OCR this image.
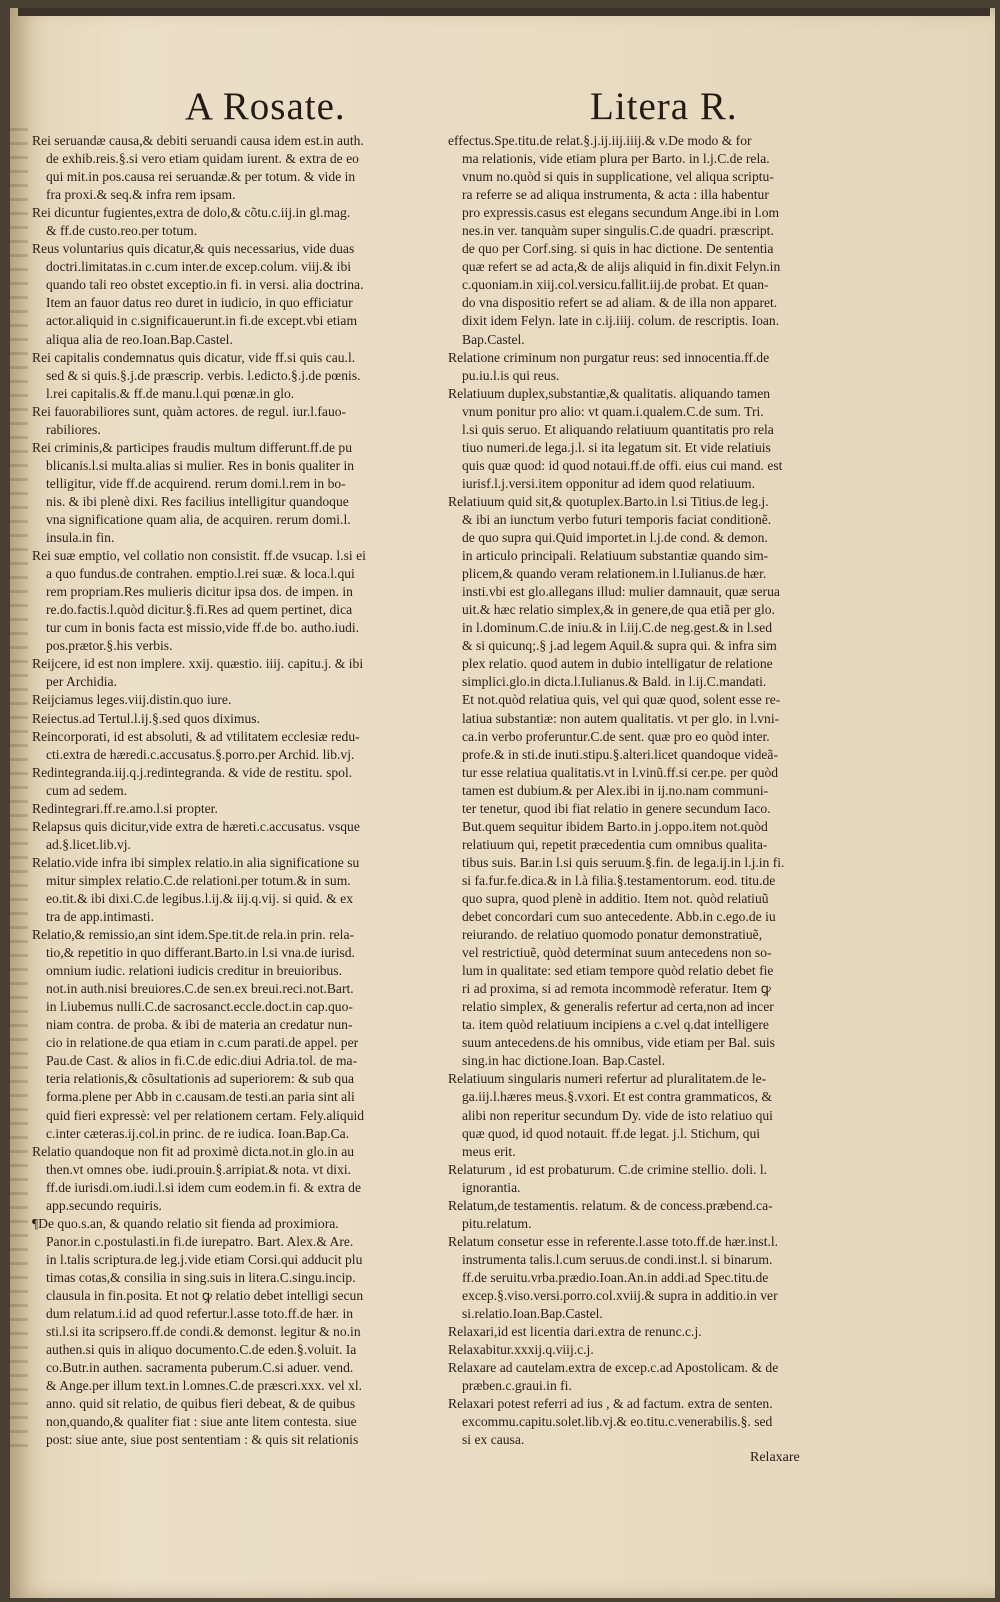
A Rosate.	Litera R.
Rei seruandæ causa,& debiti seruandi causa idem est.in auth.
de exhib.reis.§.si vero etiam quidam iurent. & extra de eo
qui mit.in pos.causa rei seruandæ.& per totum. & vide in
fra proxi.& seq.& infra rem ipsam.
Rei dicuntur fugientes,extra de dolo,& cõtu.c.iij.in gl.mag.
& ff.de custo.reo.per totum.
Reus voluntarius quis dicatur,& quis necessarius, vide duas
doctri.limitatas.in c.cum inter.de excep.colum. viij.& ibi
quando tali reo obstet exceptio.in fi. in versi. alia doctrina.
Item an fauor datus reo duret in iudicio, in quo efficiatur
actor.aliquid in c.significauerunt.in fi.de except.vbi etiam
aliqua alia de reo.Ioan.Bap.Castel.
Rei capitalis condemnatus quis dicatur, vide ff.si quis cau.l.
sed & si quis.§.j.de præscrip. verbis. l.edicto.§.j.de pœnis.
l.rei capitalis.& ff.de manu.l.qui pœnæ.in glo.
Rei fauorabiliores sunt, quàm actores. de regul. iur.l.fauo-
rabiliores.
Rei criminis,& participes fraudis multum differunt.ff.de pu
blicanis.l.si multa.alias si mulier. Res in bonis qualiter in
telligitur, vide ff.de acquirend. rerum domi.l.rem in bo-
nis. & ibi plenè dixi. Res facilius intelligitur quandoque
vna significatione quam alia, de acquiren. rerum domi.l.
insula.in fin.
Rei suæ emptio, vel collatio non consistit. ff.de vsucap. l.si ei
a quo fundus.de contrahen. emptio.l.rei suæ. & loca.l.qui
rem propriam.Res mulieris dicitur ipsa dos. de impen. in
re.do.factis.l.quòd dicitur.§.fi.Res ad quem pertinet, dica
tur cum in bonis facta est missio,vide ff.de bo. autho.iudi.
pos.prætor.§.his verbis.
Reijcere, id est non implere. xxij. quæstio. iiij. capitu.j. & ibi
per Archidia.
Reijciamus leges.viij.distin.quo iure.
Reiectus.ad Tertul.l.ij.§.sed quos diximus.
Reincorporati, id est absoluti, & ad vtilitatem ecclesiæ redu-
cti.extra de hæredi.c.accusatus.§.porro.per Archid. lib.vj.
Redintegranda.iij.q.j.redintegranda. & vide de restitu. spol.
cum ad sedem.
Redintegrari.ff.re.amo.l.si propter.
Relapsus quis dicitur,vide extra de hæreti.c.accusatus. vsque
ad.§.licet.lib.vj.
Relatio.vide infra ibi simplex relatio.in alia significatione su
mitur simplex relatio.C.de relationi.per totum.& in sum.
eo.tit.& ibi dixi.C.de legibus.l.ij.& iij.q.vij. si quid. & ex
tra de app.intimasti.
Relatio,& remissio,an sint idem.Spe.tit.de rela.in prin. rela-
tio,& repetitio in quo differant.Barto.in l.si vna.de iurisd.
omnium iudic. relationi iudicis creditur in breuioribus.
not.in auth.nisi breuiores.C.de sen.ex breui.reci.not.Bart.
in l.iubemus nulli.C.de sacrosanct.eccle.doct.in cap.quo-
niam contra. de proba. & ibi de materia an credatur nun-
cio in relatione.de qua etiam in c.cum parati.de appel. per
Pau.de Cast. & alios in fi.C.de edic.diui Adria.tol. de ma-
teria relationis,& cõsultationis ad superiorem: & sub qua
forma.plene per Abb in c.causam.de testi.an paria sint ali
quid fieri expressè: vel per relationem certam. Fely.aliquid
c.inter cæteras.ij.col.in princ. de re iudica. Ioan.Bap.Ca.
Relatio quandoque non fit ad proximè dicta.not.in glo.in au
then.vt omnes obe. iudi.prouin.§.arripiat.& nota. vt dixi.
ff.de iurisdi.om.iudi.l.si idem cum eodem.in fi. & extra de
app.secundo requiris.
¶De quo.s.an, & quando relatio sit fienda ad proximiora.
Panor.in c.postulasti.in fi.de iurepatro. Bart. Alex.& Are.
in l.talis scriptura.de leg.j.vide etiam Corsi.qui adducit plu
timas cotas,& consilia in sing.suis in litera.C.singu.incip.
clausula in fin.posita. Et not ꝙ relatio debet intelligi secun
dum relatum.i.id ad quod refertur.l.asse toto.ff.de hær. in
sti.l.si ita scripsero.ff.de condi.& demonst. legitur & no.in
authen.si quis in aliquo documento.C.de eden.§.voluit. Ia
co.Butr.in authen. sacramenta puberum.C.si aduer. vend.
& Ange.per illum text.in l.omnes.C.de præscri.xxx. vel xl.
anno. quid sit relatio, de quibus fieri debeat, & de quibus
non,quando,& qualiter fiat : siue ante litem contesta. siue
post: siue ante, siue post sententiam : & quis sit relationis
effectus.Spe.titu.de relat.§.j.ij.iij.iiij.& v.De modo & for
ma relationis, vide etiam plura per Barto. in l.j.C.de rela.
vnum no.quòd si quis in supplicatione, vel aliqua scriptu-
ra referre se ad aliqua instrumenta, & acta : illa habentur
pro expressis.casus est elegans secundum Ange.ibi in l.om
nes.in ver. tanquàm super singulis.C.de quadri. præscript.
de quo per Corf.sing. si quis in hac dictione. De sententia
quæ refert se ad acta,& de alijs aliquid in fin.dixit Felyn.in
c.quoniam.in xiij.col.versicu.fallit.iij.de probat. Et quan-
do vna dispositio refert se ad aliam. & de illa non apparet.
dixit idem Felyn. late in c.ij.iiij. colum. de rescriptis. Ioan.
Bap.Castel.
Relatione criminum non purgatur reus: sed innocentia.ff.de
pu.iu.l.is qui reus.
Relatiuum duplex,substantiæ,& qualitatis. aliquando tamen
vnum ponitur pro alio: vt quam.i.qualem.C.de sum. Tri.
l.si quis seruo. Et aliquando relatiuum quantitatis pro rela
tiuo numeri.de lega.j.l. si ita legatum sit. Et vide relatiuis
quis quæ quod: id quod notaui.ff.de offi. eius cui mand. est
iurisf.l.j.versi.item opponitur ad idem quod relatiuum.
Relatiuum quid sit,& quotuplex.Barto.in l.si Titius.de leg.j.
& ibi an iunctum verbo futuri temporis faciat conditionẽ.
de quo supra qui.Quid importet.in l.j.de cond. & demon.
in articulo principali. Relatiuum substantiæ quando sim-
plicem,& quando veram relationem.in l.Iulianus.de hær.
insti.vbi est glo.allegans illud: mulier damnauit, quæ serua
uit.& hæc relatio simplex,& in genere,de qua etiã per glo.
in l.dominum.C.de iniu.& in l.iij.C.de neg.gest.& in l.sed
& si quicunq;.§ j.ad legem Aquil.& supra qui. & infra sim
plex relatio. quod autem in dubio intelligatur de relatione
simplici.glo.in dicta.l.Iulianus.& Bald. in l.ij.C.mandati.
Et not.quòd relatiua quis, vel qui quæ quod, solent esse re-
latiua substantiæ: non autem qualitatis. vt per glo. in l.vni-
ca.in verbo proferuntur.C.de sent. quæ pro eo quòd inter.
profe.& in sti.de inuti.stipu.§.alteri.licet quandoque videã-
tur esse relatiua qualitatis.vt in l.vinũ.ff.si cer.pe. per quòd
tamen est dubium.& per Alex.ibi in ij.no.nam communi-
ter tenetur, quod ibi fiat relatio in genere secundum Iaco.
But.quem sequitur ibidem Barto.in j.oppo.item not.quòd
relatiuum qui, repetit præcedentia cum omnibus qualita-
tibus suis. Bar.in l.si quis seruum.§.fin. de lega.ij.in l.j.in fi.
si fa.fur.fe.dica.& in l.à filia.§.testamentorum. eod. titu.de
quo supra, quod plenè in additio. Item not. quòd relatiuũ
debet concordari cum suo antecedente. Abb.in c.ego.de iu
reiurando. de relatiuo quomodo ponatur demonstratiuẽ,
vel restrictiuẽ, quòd determinat suum antecedens non so-
lum in qualitate: sed etiam tempore quòd relatio debet fie
ri ad proxima, si ad remota incommodè referatur. Item ꝙ
relatio simplex, & generalis refertur ad certa,non ad incer
ta. item quòd relatiuum incipiens a c.vel q.dat intelligere
suum antecedens.de his omnibus, vide etiam per Bal. suis
sing.in hac dictione.Ioan. Bap.Castel.
Relatiuum singularis numeri refertur ad pluralitatem.de le-
ga.iij.l.hæres meus.§.vxori. Et est contra grammaticos, &
alibi non reperitur secundum Dy. vide de isto relatiuo qui
quæ quod, id quod notauit. ff.de legat. j.l. Stichum, qui
meus erit.
Relaturum , id est probaturum. C.de crimine stellio. doli. l.
ignorantia.
Relatum,de testamentis. relatum. & de concess.præbend.ca-
pitu.relatum.
Relatum consetur esse in referente.l.asse toto.ff.de hær.inst.l.
instrumenta talis.l.cum seruus.de condi.inst.l. si binarum.
ff.de seruitu.vrba.prædio.Ioan.An.in addi.ad Spec.titu.de
excep.§.viso.versi.porro.col.xviij.& supra in additio.in ver
si.relatio.Ioan.Bap.Castel.
Relaxari,id est licentia dari.extra de renunc.c.j.
Relaxabitur.xxxij.q.viij.c.j.
Relaxare ad cautelam.extra de excep.c.ad Apostolicam. & de
præben.c.graui.in fi.
Relaxari potest referri ad ius , & ad factum. extra de senten.
excommu.capitu.solet.lib.vj.& eo.titu.c.venerabilis.§. sed
si ex causa.
Relaxare
